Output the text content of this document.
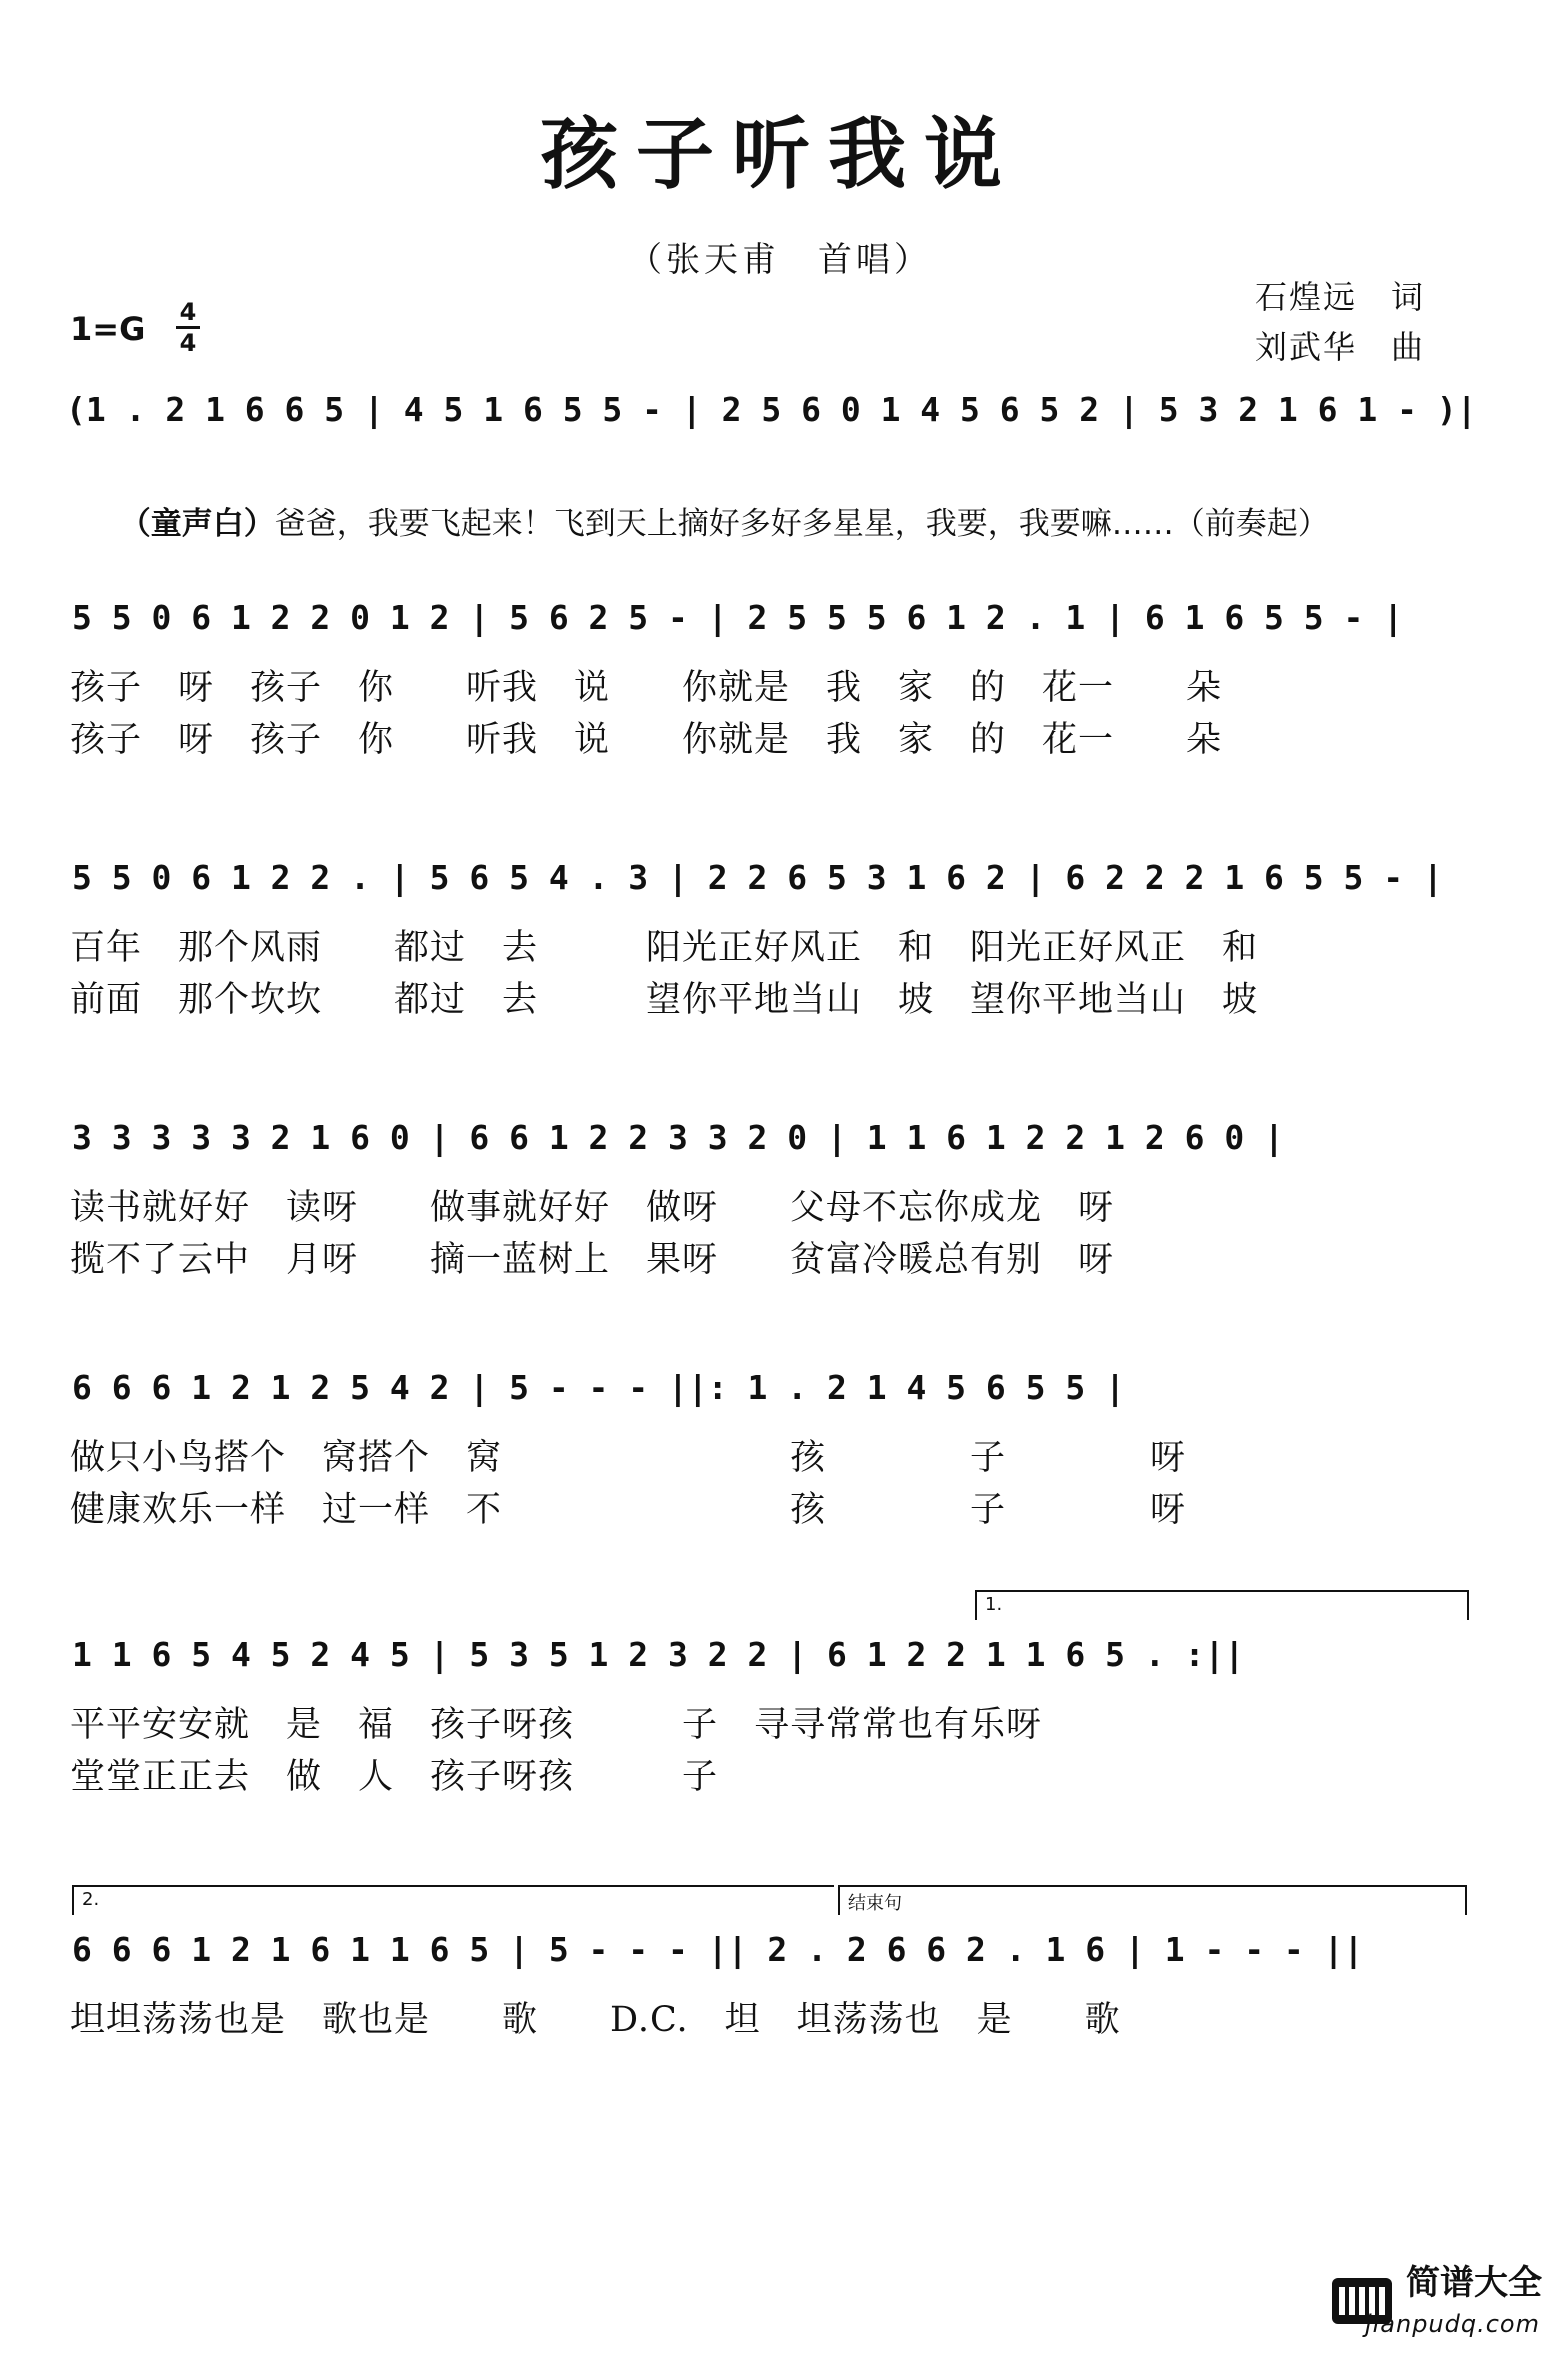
孩子听我说
（张天甫　首唱）
石煌远　词
刘武华　曲
1=G 4
4
(1 . 2 1 6 6 5 | 4 5 1 6 5 5 - | 2 5 6 0 1 4 5 6 5 2 | 5 3 2 1 6 1 - )|

（童声白）爸爸，我要飞起来！飞到天上摘好多好多星星，我要，我要嘛……（前奏起）

5 5 0 6 1 2 2 0 1 2 | 5 6 2 5 - | 2 5 5 5 6 1 2 . 1 | 6 1 6 5 5 - |
孩子　呀　孩子　你　　听我　说　　你就是　我　家　的　花一　　朵
孩子　呀　孩子　你　　听我　说　　你就是　我　家　的　花一　　朵
5 5 0 6 1 2 2 . | 5 6 5 4 . 3 | 2 2 6 5 3 1 6 2 | 6 2 2 2 1 6 5 5 - |
百年　那个风雨　　都过　去　　　阳光正好风正　和　阳光正好风正　和
前面　那个坎坎　　都过　去　　　望你平地当山　坡　望你平地当山　坡
3 3 3 3 3 2 1 6 0 | 6 6 1 2 2 3 3 2 0 | 1 1 6 1 2 2 1 2 6 0 |
读书就好好　读呀　　做事就好好　做呀　　父母不忘你成龙　呀
揽不了云中　月呀　　摘一蓝树上　果呀　　贫富冷暖总有别　呀
6 6 6 1 2 1 2 5 4 2 | 5 - - - ||: 1 . 2 1 4 5 6 5 5 |
做只小鸟搭个　窝搭个　窝　　　　　　　　孩　　　　子　　　　呀
健康欢乐一样　过一样　不　　　　　　　　孩　　　　子　　　　呀
1.
1 1 6 5 4 5 2 4 5 | 5 3 5 1 2 3 2 2 | 6 1 2 2 1 1 6 5 . :||
平平安安就　是　福　孩子呀孩　　　子　寻寻常常也有乐呀
堂堂正正去　做　人　孩子呀孩　　　子
2.	结束句
6 6 6 1 2 1 6 1 1 6 5 | 5 - - - || 2 . 2 6 6 2 . 1 6 | 1 - - - ||
坦坦荡荡也是　歌也是　　歌　　D.C.　坦　坦荡荡也　是　　歌
简谱大全
jianpudq.com
